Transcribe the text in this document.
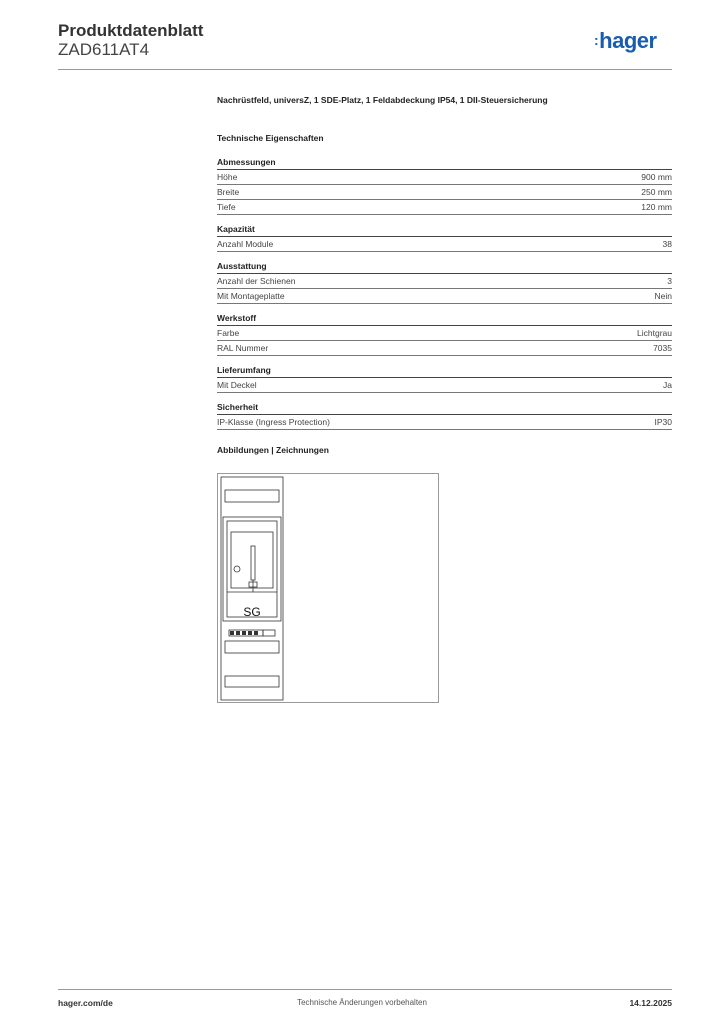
Produktdatenblatt
ZAD611AT4	:hager
Nachrüstfeld, universZ, 1 SDE-Platz, 1 Feldabdeckung IP54, 1 DII-Steuersicherung
Technische Eigenschaften
Abmessungen
Höhe	900 mm
Breite	250 mm
Tiefe	120 mm
Kapazität
Anzahl Module	38
Ausstattung
Anzahl der Schienen	3
Mit Montageplatte	Nein
Werkstoff
Farbe	Lichtgrau
RAL Nummer	7035
Lieferumfang
Mit Deckel	Ja
Sicherheit
IP-Klasse (Ingress Protection)	IP30
Abbildungen | Zeichnungen
SG
hager.com/de	Technische Änderungen vorbehalten	14.12.2025
